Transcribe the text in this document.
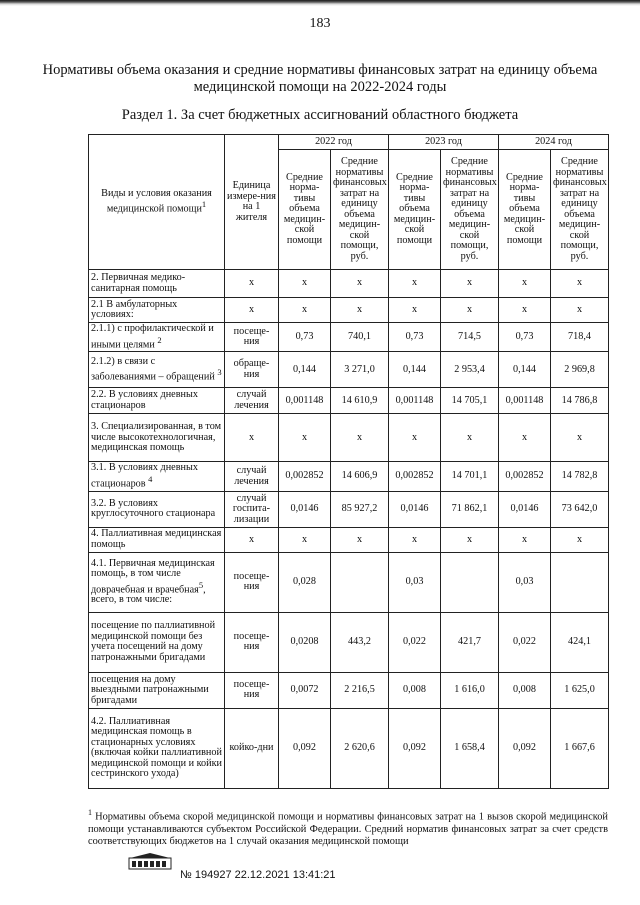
183
Нормативы объема оказания и средние нормативы финансовых затрат на единицу объема медицинской помощи на 2022-2024 годы
Раздел 1. За счет бюджетных ассигнований областного бюджета
Виды и условия оказания медицинской помощи$^1$	Единица измере-ния на 1 жителя	2022 год		2023 год		2024 год	
		Средние норма-тивы объема медицин-ской помощи	Средние нормативы финансовых затрат на единицу объема медицин-ской помощи, руб.	Средние норма-тивы объема медицин-ской помощи	Средние нормативы финансовых затрат на единицу объема медицин-ской помощи, руб.	Средние норма-тивы объема медицин-ской помощи	Средние нормативы финансовых затрат на единицу объема медицин-ской помощи, руб.
2. Первичная медико-санитарная помощь	х	х	х	х	х	х	х
2.1 В амбулаторных условиях:	х	х	х	х	х	х	х
2.1.1) с профилактической и иными целями $^2$	посеще-ния	0,73	740,1	0,73	714,5	0,73	718,4
2.1.2) в связи с заболеваниями – обращений $^3$	обраще-ния	0,144	3 271,0	0,144	2 953,4	0,144	2 969,8
2.2. В условиях дневных стационаров	случай лечения	0,001148	14 610,9	0,001148	14 705,1	0,001148	14 786,8
3. Специализированная, в том числе высокотехнологичная, медицинская помощь	х	х	х	х	х	х	х
3.1. В условиях дневных стационаров $^4$	случай лечения	0,002852	14 606,9	0,002852	14 701,1	0,002852	14 782,8
3.2. В условиях круглосуточного стационара	случай госпита-лизации	0,0146	85 927,2	0,0146	71 862,1	0,0146	73 642,0
4. Паллиативная медицинская помощь	х	х	х	х	х	х	х
4.1. Первичная медицинская помощь, в том числе доврачебная и врачебная$^5$, всего, в том числе:	посеще-ния	0,028		0,03		0,03	
посещение по паллиативной медицинской помощи без учета посещений на дому патронажными бригадами	посеще-ния	0,0208	443,2	0,022	421,7	0,022	424,1
посещения на дому выездными патронажными бригадами	посеще-ния	0,0072	2 216,5	0,008	1 616,0	0,008	1 625,0
4.2. Паллиативная медицинская помощь в стационарных условиях (включая койки паллиативной медицинской помощи и койки сестринского ухода)	койко-дни	0,092	2 620,6	0,092	1 658,4	0,092	1 667,6
$^1$ Нормативы объема скорой медицинской помощи и нормативы финансовых затрат на 1 вызов скорой медицинской помощи устанавливаются субъектом Российской Федерации. Средний норматив финансовых затрат за счет средств соответствующих бюджетов на 1 случай оказания медицинской помощи
№ 194927 22.12.2021 13:41:21
